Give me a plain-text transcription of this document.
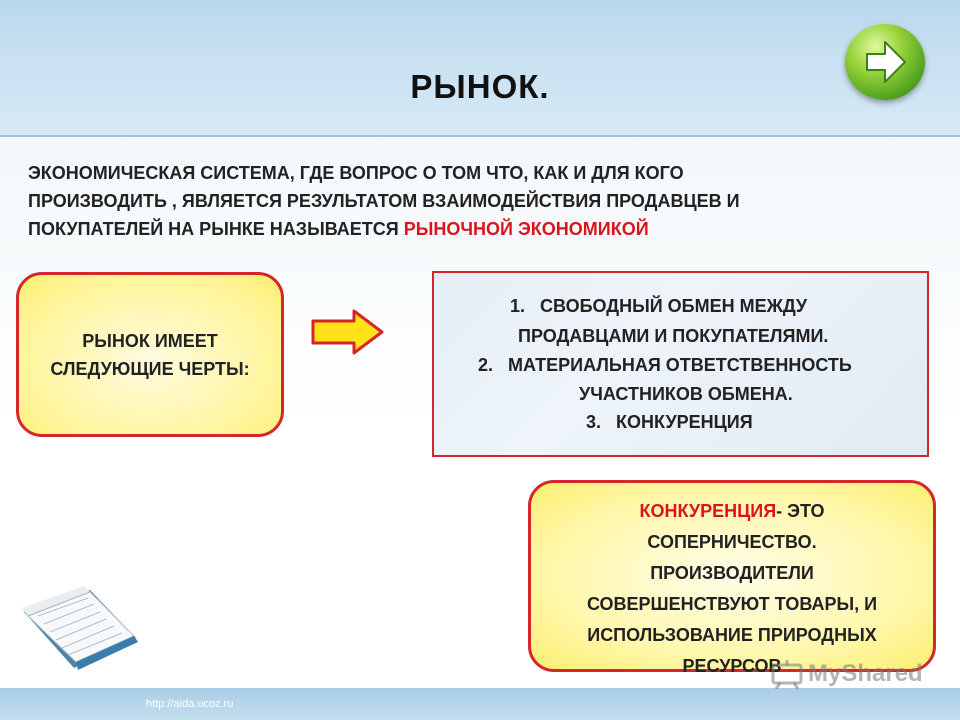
РЫНОК.
ЭКОНОМИЧЕСКАЯ СИСТЕМА, ГДЕ ВОПРОС О ТОМ ЧТО, КАК И ДЛЯ КОГО
ПРОИЗВОДИТЬ , ЯВЛЯЕТСЯ РЕЗУЛЬТАТОМ ВЗАИМОДЕЙСТВИЯ ПРОДАВЦЕВ И
ПОКУПАТЕЛЕЙ НА РЫНКЕ НАЗЫВАЕТСЯ РЫНОЧНОЙ ЭКОНОМИКОЙ
РЫНОК ИМЕЕТ
СЛЕДУЮЩИЕ ЧЕРТЫ:
1. СВОБОДНЫЙ ОБМЕН МЕЖДУ
ПРОДАВЦАМИ И ПОКУПАТЕЛЯМИ.
2. МАТЕРИАЛЬНАЯ ОТВЕТСТВЕННОСТЬ
УЧАСТНИКОВ ОБМЕНА.
3. КОНКУРЕНЦИЯ
КОНКУРЕНЦИЯ- ЭТО
СОПЕРНИЧЕСТВО.
ПРОИЗВОДИТЕЛИ
СОВЕРШЕНСТВУЮТ ТОВАРЫ, И
ИСПОЛЬЗОВАНИЕ ПРИРОДНЫХ
РЕСУРСОВ
http://aida.ucoz.ru
MyShared
